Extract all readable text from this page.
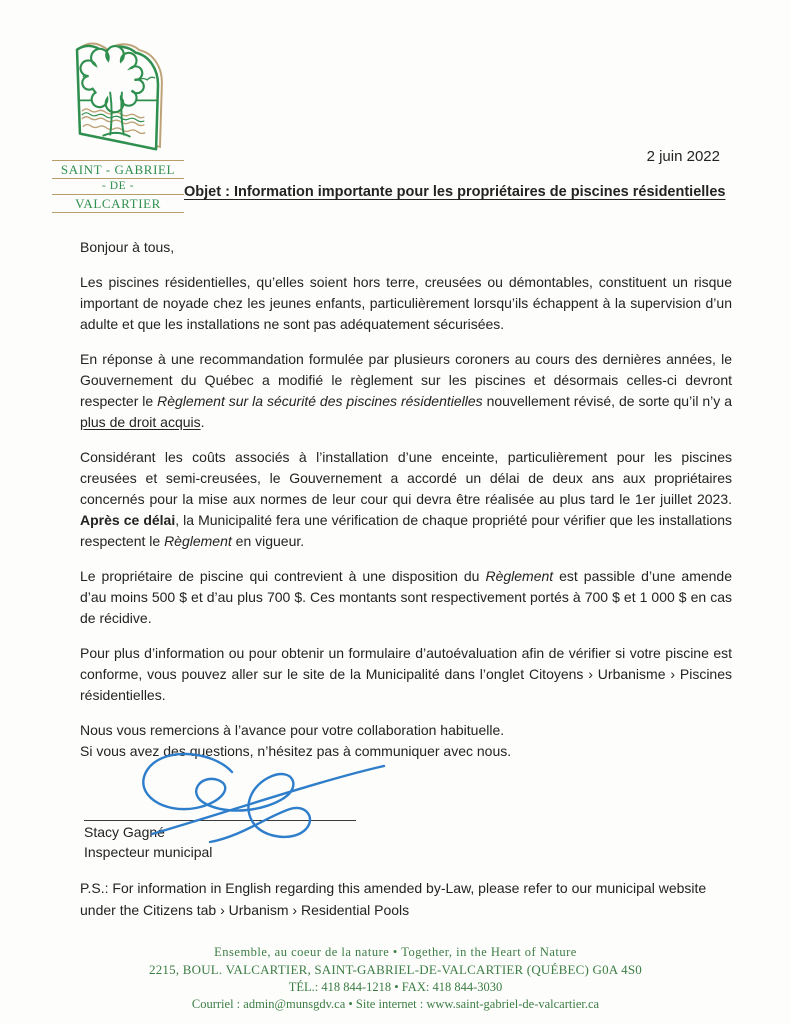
SAINT - GABRIEL
- DE -
VALCARTIER
2 juin 2022
Objet : Information importante pour les propriétaires de piscines résidentielles

Bonjour à tous,

Les piscines résidentielles, qu’elles soient hors terre, creusées ou démontables, constituent un risque important de noyade chez les jeunes enfants, particulièrement lorsqu’ils échappent à la supervision d’un adulte et que les installations ne sont pas adéquatement sécurisées.

En réponse à une recommandation formulée par plusieurs coroners au cours des dernières années, le Gouvernement du Québec a modifié le règlement sur les piscines et désormais celles-ci devront respecter le Règlement sur la sécurité des piscines résidentielles nouvellement révisé, de sorte qu’il n’y a plus de droit acquis.

Considérant les coûts associés à l’installation d’une enceinte, particulièrement pour les piscines creusées et semi-creusées, le Gouvernement a accordé un délai de deux ans aux propriétaires concernés pour la mise aux normes de leur cour qui devra être réalisée au plus tard le 1er juillet 2023. Après ce délai, la Municipalité fera une vérification de chaque propriété pour vérifier que les installations respectent le Règlement en vigueur.

Le propriétaire de piscine qui contrevient à une disposition du Règlement est passible d’une amende d’au moins 500 $ et d’au plus 700 $. Ces montants sont respectivement portés à 700 $ et 1 000 $ en cas de récidive.

Pour plus d’information ou pour obtenir un formulaire d’autoévaluation afin de vérifier si votre piscine est conforme, vous pouvez aller sur le site de la Municipalité dans l’onglet Citoyens › Urbanisme › Piscines résidentielles.

Nous vous remercions à l’avance pour votre collaboration habituelle.

Si vous avez des questions, n’hésitez pas à communiquer avec nous.

Stacy Gagné
Inspecteur municipal
P.S.: For information in English regarding this amended by-Law, please refer to our municipal website under the Citizens tab › Urbanism › Residential Pools
Ensemble, au coeur de la nature • Together, in the Heart of Nature
2215, BOUL. VALCARTIER, SAINT-GABRIEL-DE-VALCARTIER (QUÉBEC) G0A 4S0
TÉL.: 418 844-1218 • FAX: 418 844-3030
Courriel : admin@munsgdv.ca • Site internet : www.saint-gabriel-de-valcartier.ca
